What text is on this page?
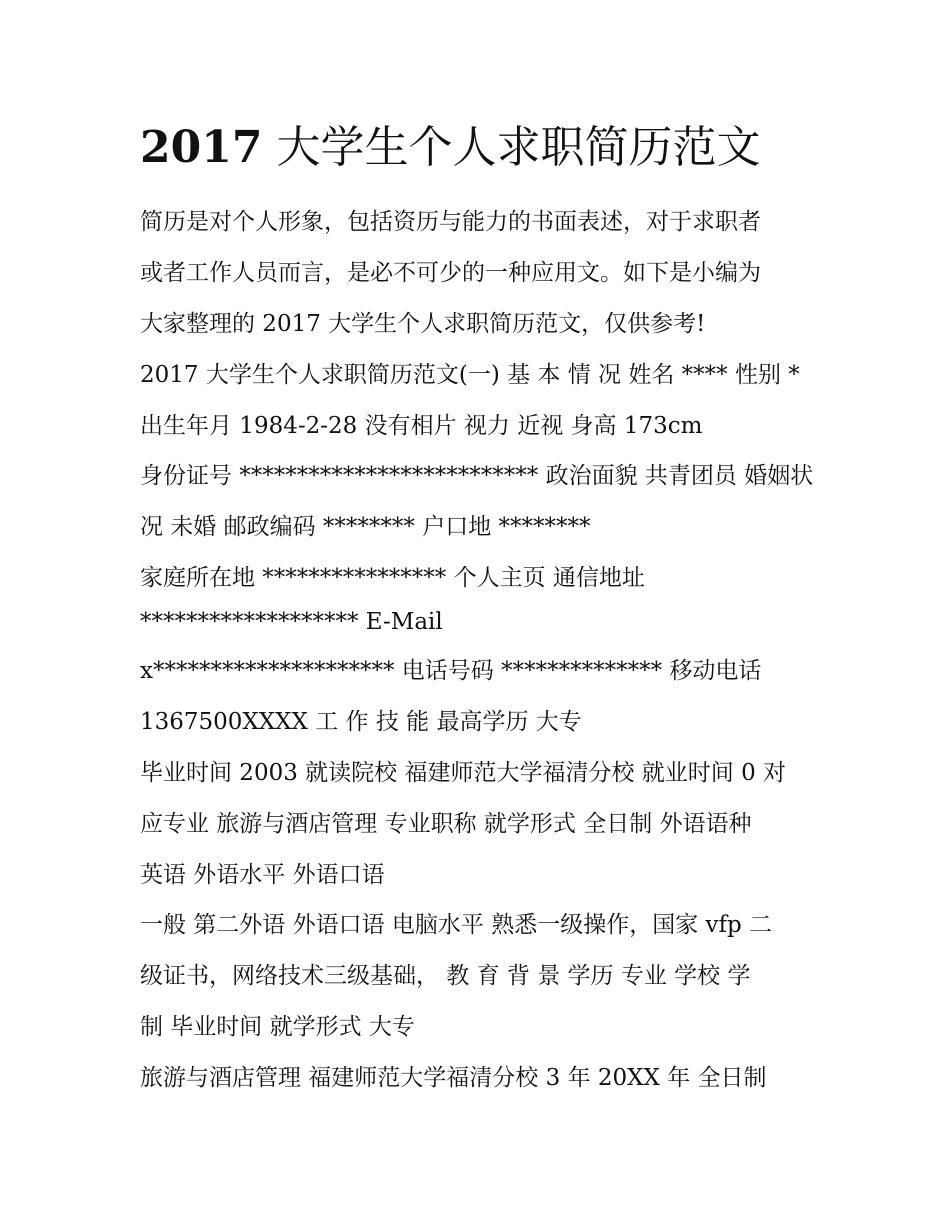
2017 大学生个人求职简历范文
简历是对个人形象，包括资历与能力的书面表述，对于求职者
或者工作人员而言，是必不可少的一种应用文。如下是小编为
大家整理的 2017 大学生个人求职简历范文，仅供参考!
2017 大学生个人求职简历范文(一) 基 本 情 况 姓名 **** 性别 *
出生年月 1984-2-28 没有相片 视力 近视 身高 173cm
身份证号 ************************** 政治面貌 共青团员 婚姻状
况 未婚 邮政编码 ******** 户口地 ********
家庭所在地 **************** 个人主页 通信地址
******************* E-Mail
x********************* 电话号码 ************** 移动电话
1367500XXXX 工 作 技 能 最高学历 大专
毕业时间 2003 就读院校 福建师范大学福清分校 就业时间 0 对
应专业 旅游与酒店管理 专业职称 就学形式 全日制 外语语种
英语 外语水平 外语口语
一般 第二外语 外语口语 电脑水平 熟悉一级操作，国家 vfp 二
级证书，网络技术三级基础， 教 育 背 景 学历 专业 学校 学
制 毕业时间 就学形式 大专
旅游与酒店管理 福建师范大学福清分校 3 年 20XX 年 全日制
